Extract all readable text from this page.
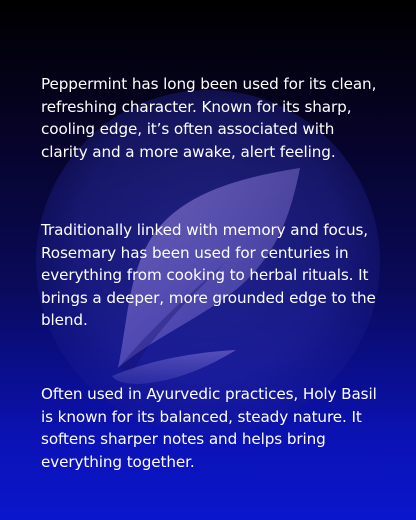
Peppermint has long been used for its clean,
refreshing character. Known for its sharp,
cooling edge, it’s often associated with
clarity and a more awake, alert feeling.

Traditionally linked with memory and focus,
Rosemary has been used for centuries in
everything from cooking to herbal rituals. It
brings a deeper, more grounded edge to the
blend.

Often used in Ayurvedic practices, Holy Basil
is known for its balanced, steady nature. It
softens sharper notes and helps bring
everything together.
